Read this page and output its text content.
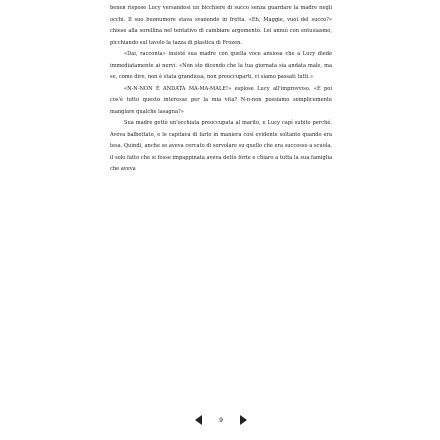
beneв risposе Lucy versandosi un bicchiere di succo senza guardare la madre negli occhi. Il suo buonumore stava svanendo in fretta. «Eh, Maggie, vuoi del succo?» chiese alla sorellina nel tentativo di cambiare argomento. Lei annuì con entusiasmo, picchiando sul tavolo la tazza di plastica di Frozen.

«Dai, raccontа» insisté sua madre con quella voce ansiosa che a Lucy diede immediatamente ai nervi. «Non sto dicendo che la tua giornata sia andata male, ma se, come dire, non è stata grandiosa, non preoccuparti, ci siamo passati tutti.»

«N-N-NON È ANDATA MA-MA-MALE!» esplose Lucy all'improvviso. «E poi cos'è tutto questo interesse per la mia vita? N-n-non possiamo semplicemente mangiare qualche lasagna?»

Sua madre gettò un'occhiata preoccupata al marito, e Lucy capì subito perché. Aveva balbettato, e le capitava di farlo in maniera così evidente soltanto quando era tesa. Quindi, anche se aveva cercato di sorvolare su quello che era successo a scuola, il solo fatto che si fosse impappinata aveva detto forte e chiaro a tutta la sua famiglia che aveva

9
